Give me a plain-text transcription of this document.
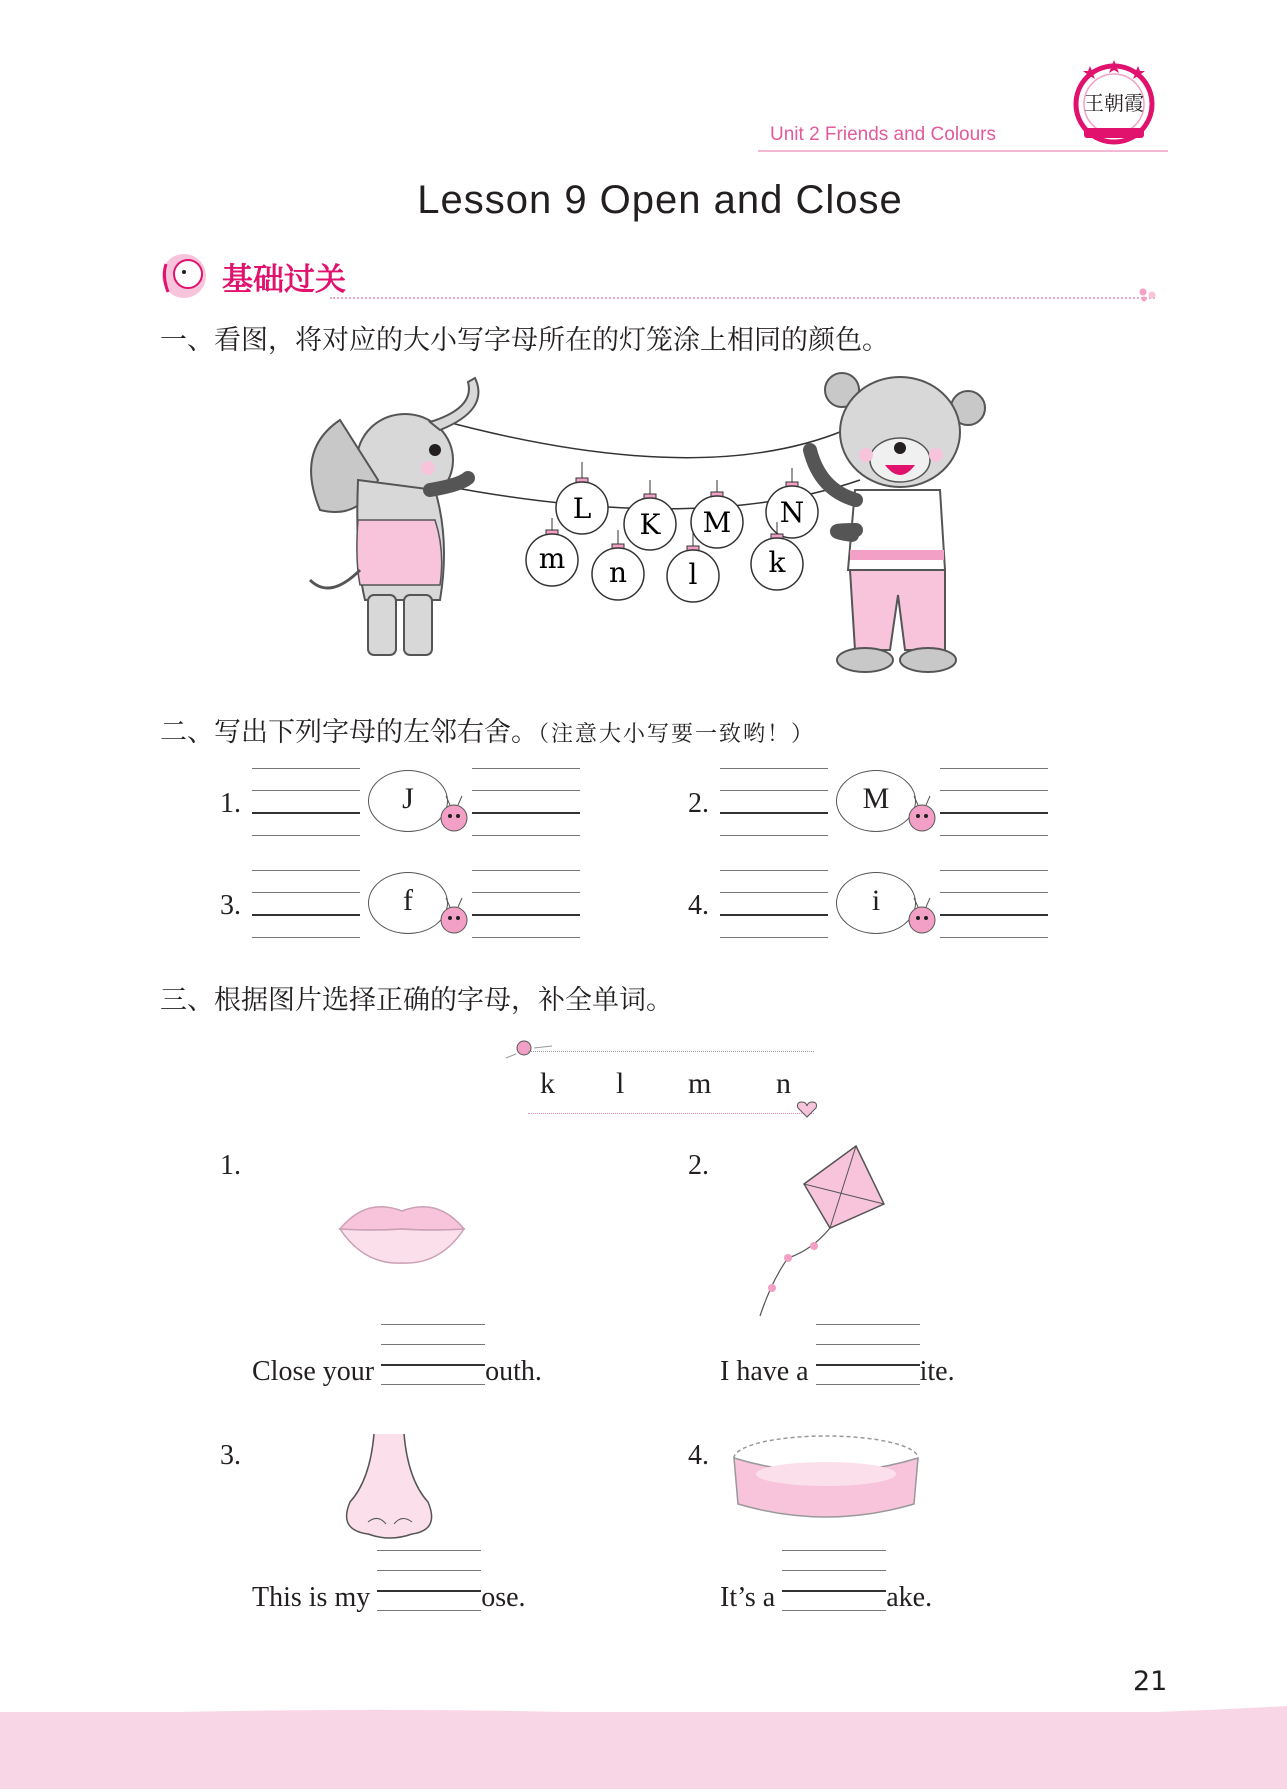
Unit 2 Friends and Colours
王朝霞
Lesson 9 Open and Close
基础过关
一、看图，将对应的大小写字母所在的灯笼涂上相同的颜色。
L K M N
m n l	k
二、写出下列字母的左邻右舍。（注意大小写要一致哟！）
1.	J	2.	M
3.	f	4.	i
三、根据图片选择正确的字母，补全单词。
k l m n
1.
Close your	outh.
2.
I have a	ite.
3.
This is my	ose.
4.
It’s a	ake.
21
